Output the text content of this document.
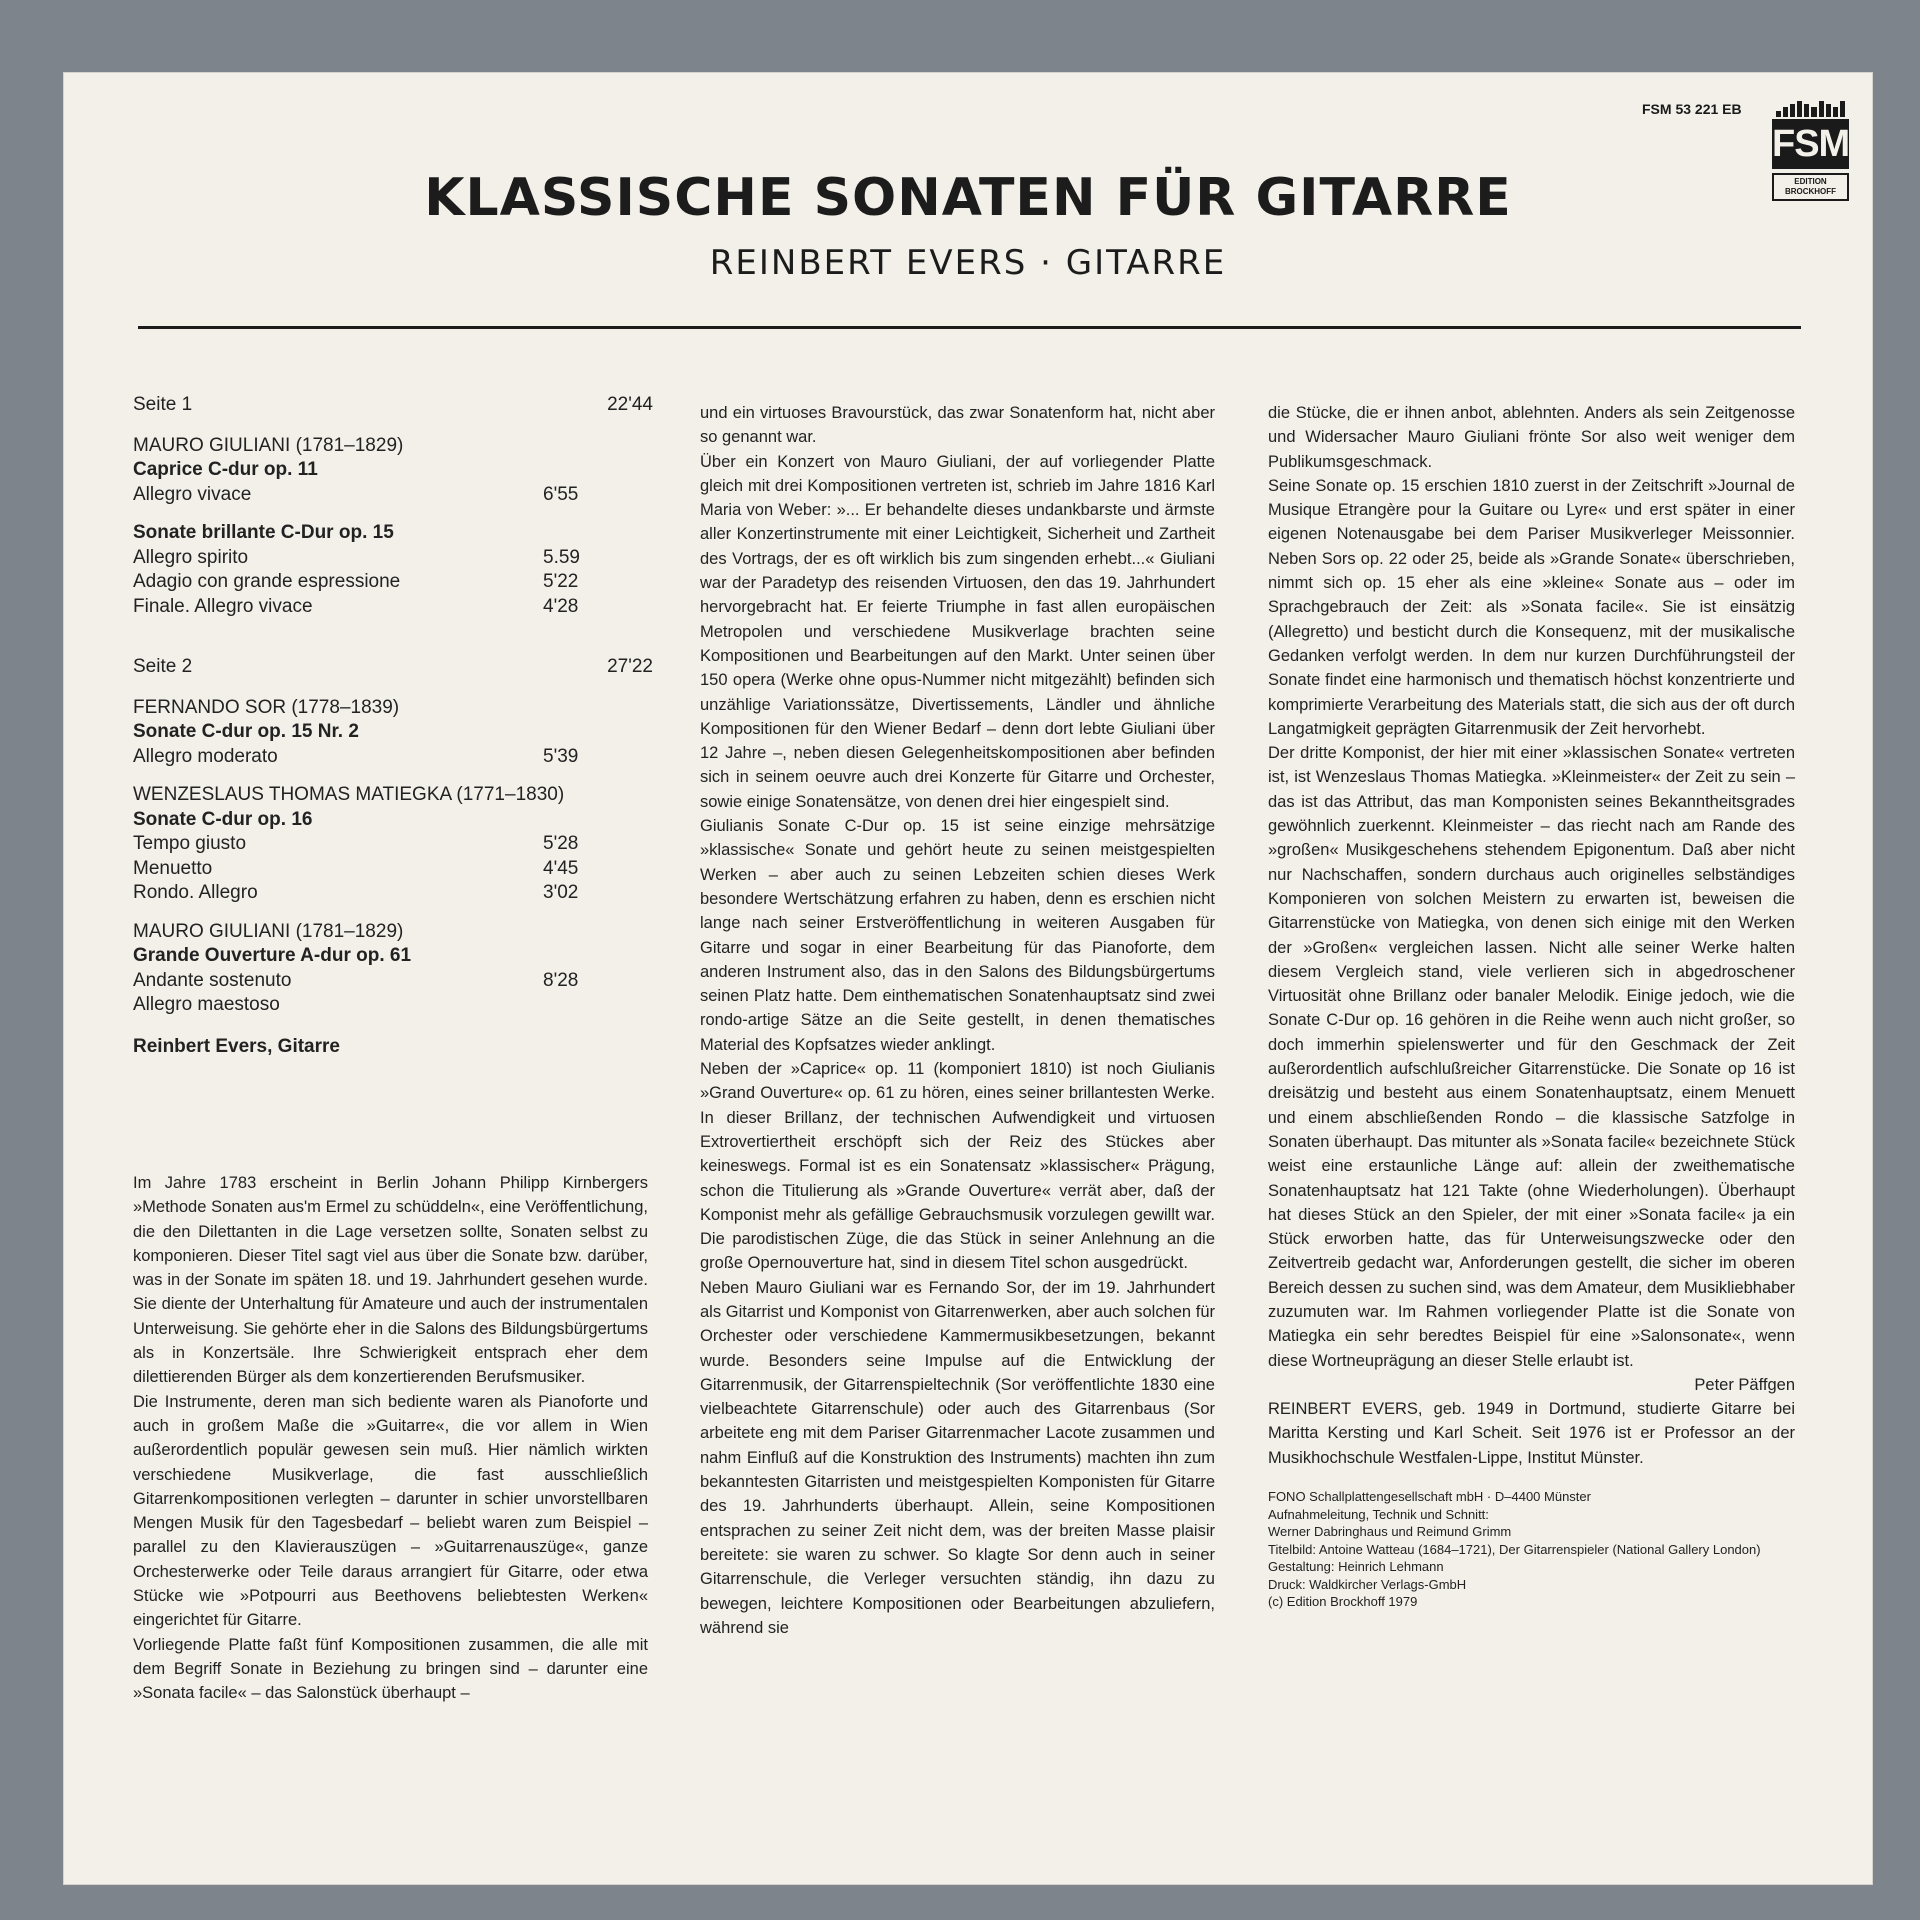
FSM 53 221 EB
FSM
EDITION BROCKHOFF
KLASSISCHE SONATEN FÜR GITARRE
REINBERT EVERS · GITARRE
Seite 1	22'44
MAURO GIULIANI (1781–1829)
Caprice C-dur op. 11
Allegro vivace	6'55
Sonate brillante C-Dur op. 15
Allegro spirito	5.59
Adagio con grande espressione	5'22
Finale. Allegro vivace	4'28
Seite 2	27'22
FERNANDO SOR (1778–1839)
Sonate C-dur op. 15 Nr. 2
Allegro moderato	5'39
WENZESLAUS THOMAS MATIEGKA (1771–1830)
Sonate C-dur op. 16
Tempo giusto	5'28
Menuetto	4'45
Rondo. Allegro	3'02
MAURO GIULIANI (1781–1829)
Grande Ouverture A-dur op. 61
Andante sostenuto	8'28
Allegro maestoso
Reinbert Evers, Gitarre

Im Jahre 1783 erscheint in Berlin Johann Philipp Kirnbergers »Methode Sonaten aus'm Ermel zu schüddeln«, eine Veröffentlichung, die den Dilettanten in die Lage versetzen sollte, Sonaten selbst zu komponieren. Dieser Titel sagt viel aus über die Sonate bzw. darüber, was in der Sonate im späten 18. und 19. Jahrhundert gesehen wurde. Sie diente der Unterhaltung für Amateure und auch der instrumentalen Unterweisung. Sie gehörte eher in die Salons des Bildungsbürgertums als in Konzertsäle. Ihre Schwierigkeit entsprach eher dem dilettierenden Bürger als dem konzertierenden Berufsmusiker.

Die Instrumente, deren man sich bediente waren als Pianoforte und auch in großem Maße die »Guitarre«, die vor allem in Wien außerordentlich populär gewesen sein muß. Hier nämlich wirkten verschiedene Musikverlage, die fast ausschließlich Gitarrenkompositionen verlegten – darunter in schier unvorstellbaren Mengen Musik für den Tagesbedarf – beliebt waren zum Beispiel – parallel zu den Klavierauszügen – »Guitarrenauszüge«, ganze Orchesterwerke oder Teile daraus arrangiert für Gitarre, oder etwa Stücke wie »Potpourri aus Beethovens beliebtesten Werken« eingerichtet für Gitarre.

Vorliegende Platte faßt fünf Kompositionen zusammen, die alle mit dem Begriff Sonate in Beziehung zu bringen sind – darunter eine »Sonata facile« – das Salonstück überhaupt –

und ein virtuoses Bravourstück, das zwar Sonatenform hat, nicht aber so genannt war.

Über ein Konzert von Mauro Giuliani, der auf vorliegender Platte gleich mit drei Kompositionen vertreten ist, schrieb im Jahre 1816 Karl Maria von Weber: »... Er behandelte dieses undankbarste und ärmste aller Konzertinstrumente mit einer Leichtigkeit, Sicherheit und Zartheit des Vortrags, der es oft wirklich bis zum singenden erhebt...« Giuliani war der Paradetyp des reisenden Virtuosen, den das 19. Jahrhundert hervorgebracht hat. Er feierte Triumphe in fast allen europäischen Metropolen und verschiedene Musikverlage brachten seine Kompositionen und Bearbeitungen auf den Markt. Unter seinen über 150 opera (Werke ohne opus-Nummer nicht mitgezählt) befinden sich unzählige Variationssätze, Divertissements, Ländler und ähnliche Kompositionen für den Wiener Bedarf – denn dort lebte Giuliani über 12 Jahre –, neben diesen Gelegenheitskompositionen aber befinden sich in seinem oeuvre auch drei Konzerte für Gitarre und Orchester, sowie einige Sonatensätze, von denen drei hier eingespielt sind.

Giulianis Sonate C-Dur op. 15 ist seine einzige mehrsätzige »klassische« Sonate und gehört heute zu seinen meistgespielten Werken – aber auch zu seinen Lebzeiten schien dieses Werk besondere Wertschätzung erfahren zu haben, denn es erschien nicht lange nach seiner Erstveröffentlichung in weiteren Ausgaben für Gitarre und sogar in einer Bearbeitung für das Pianoforte, dem anderen Instrument also, das in den Salons des Bildungsbürgertums seinen Platz hatte. Dem einthematischen Sonatenhauptsatz sind zwei rondo-artige Sätze an die Seite gestellt, in denen thematisches Material des Kopfsatzes wieder anklingt.

Neben der »Caprice« op. 11 (komponiert 1810) ist noch Giulianis »Grand Ouverture« op. 61 zu hören, eines seiner brillantesten Werke. In dieser Brillanz, der technischen Aufwendigkeit und virtuosen Extrovertiertheit erschöpft sich der Reiz des Stückes aber keineswegs. Formal ist es ein Sonatensatz »klassischer« Prägung, schon die Titulierung als »Grande Ouverture« verrät aber, daß der Komponist mehr als gefällige Gebrauchsmusik vorzulegen gewillt war. Die parodistischen Züge, die das Stück in seiner Anlehnung an die große Opernouverture hat, sind in diesem Titel schon ausgedrückt.

Neben Mauro Giuliani war es Fernando Sor, der im 19. Jahrhundert als Gitarrist und Komponist von Gitarrenwerken, aber auch solchen für Orchester oder verschiedene Kammermusikbesetzungen, bekannt wurde. Besonders seine Impulse auf die Entwicklung der Gitarrenmusik, der Gitarrenspieltechnik (Sor veröffentlichte 1830 eine vielbeachtete Gitarrenschule) oder auch des Gitarrenbaus (Sor arbeitete eng mit dem Pariser Gitarrenmacher Lacote zusammen und nahm Einfluß auf die Konstruktion des Instruments) machten ihn zum bekanntesten Gitarristen und meistgespielten Komponisten für Gitarre des 19. Jahrhunderts überhaupt. Allein, seine Kompositionen entsprachen zu seiner Zeit nicht dem, was der breiten Masse plaisir bereitete: sie waren zu schwer. So klagte Sor denn auch in seiner Gitarrenschule, die Verleger versuchten ständig, ihn dazu zu bewegen, leichtere Kompositionen oder Bearbeitungen abzuliefern, während sie

die Stücke, die er ihnen anbot, ablehnten. Anders als sein Zeitgenosse und Widersacher Mauro Giuliani frönte Sor also weit weniger dem Publikumsgeschmack.

Seine Sonate op. 15 erschien 1810 zuerst in der Zeitschrift »Journal de Musique Etrangère pour la Guitare ou Lyre« und erst später in einer eigenen Notenausgabe bei dem Pariser Musikverleger Meissonnier. Neben Sors op. 22 oder 25, beide als »Grande Sonate« überschrieben, nimmt sich op. 15 eher als eine »kleine« Sonate aus – oder im Sprachgebrauch der Zeit: als »Sonata facile«. Sie ist einsätzig (Allegretto) und besticht durch die Konsequenz, mit der musikalische Gedanken verfolgt werden. In dem nur kurzen Durchführungsteil der Sonate findet eine harmonisch und thematisch höchst konzentrierte und komprimierte Verarbeitung des Materials statt, die sich aus der oft durch Langatmigkeit geprägten Gitarrenmusik der Zeit hervorhebt.

Der dritte Komponist, der hier mit einer »klassischen Sonate« vertreten ist, ist Wenzeslaus Thomas Matiegka. »Kleinmeister« der Zeit zu sein – das ist das Attribut, das man Komponisten seines Bekanntheitsgrades gewöhnlich zuerkennt. Kleinmeister – das riecht nach am Rande des »großen« Musikgeschehens stehendem Epigonentum. Daß aber nicht nur Nachschaffen, sondern durchaus auch originelles selbständiges Komponieren von solchen Meistern zu erwarten ist, beweisen die Gitarrenstücke von Matiegka, von denen sich einige mit den Werken der »Großen« vergleichen lassen. Nicht alle seiner Werke halten diesem Vergleich stand, viele verlieren sich in abgedroschener Virtuosität ohne Brillanz oder banaler Melodik. Einige jedoch, wie die Sonate C-Dur op. 16 gehören in die Reihe wenn auch nicht großer, so doch immerhin spielenswerter und für den Geschmack der Zeit außerordentlich aufschlußreicher Gitarrenstücke. Die Sonate op 16 ist dreisätzig und besteht aus einem Sonatenhauptsatz, einem Menuett und einem abschließenden Rondo – die klassische Satzfolge in Sonaten überhaupt. Das mitunter als »Sonata facile« bezeichnete Stück weist eine erstaunliche Länge auf: allein der zweithematische Sonatenhauptsatz hat 121 Takte (ohne Wiederholungen). Überhaupt hat dieses Stück an den Spieler, der mit einer »Sonata facile« ja ein Stück erworben hatte, das für Unterweisungszwecke oder den Zeitvertreib gedacht war, Anforderungen gestellt, die sicher im oberen Bereich dessen zu suchen sind, was dem Amateur, dem Musikliebhaber zuzumuten war. Im Rahmen vorliegender Platte ist die Sonate von Matiegka ein sehr beredtes Beispiel für eine »Salonsonate«, wenn diese Wortneuprägung an dieser Stelle erlaubt ist.

Peter Päffgen

REINBERT EVERS, geb. 1949 in Dortmund, studierte Gitarre bei Maritta Kersting und Karl Scheit. Seit 1976 ist er Professor an der Musikhochschule Westfalen-Lippe, Institut Münster.

FONO Schallplattengesellschaft mbH · D–4400 Münster
Aufnahmeleitung, Technik und Schnitt:
Werner Dabringhaus und Reimund Grimm
Titelbild: Antoine Watteau (1684–1721), Der Gitarrenspieler (National Gallery London)
Gestaltung: Heinrich Lehmann
Druck: Waldkircher Verlags-GmbH
(c) Edition Brockhoff 1979
